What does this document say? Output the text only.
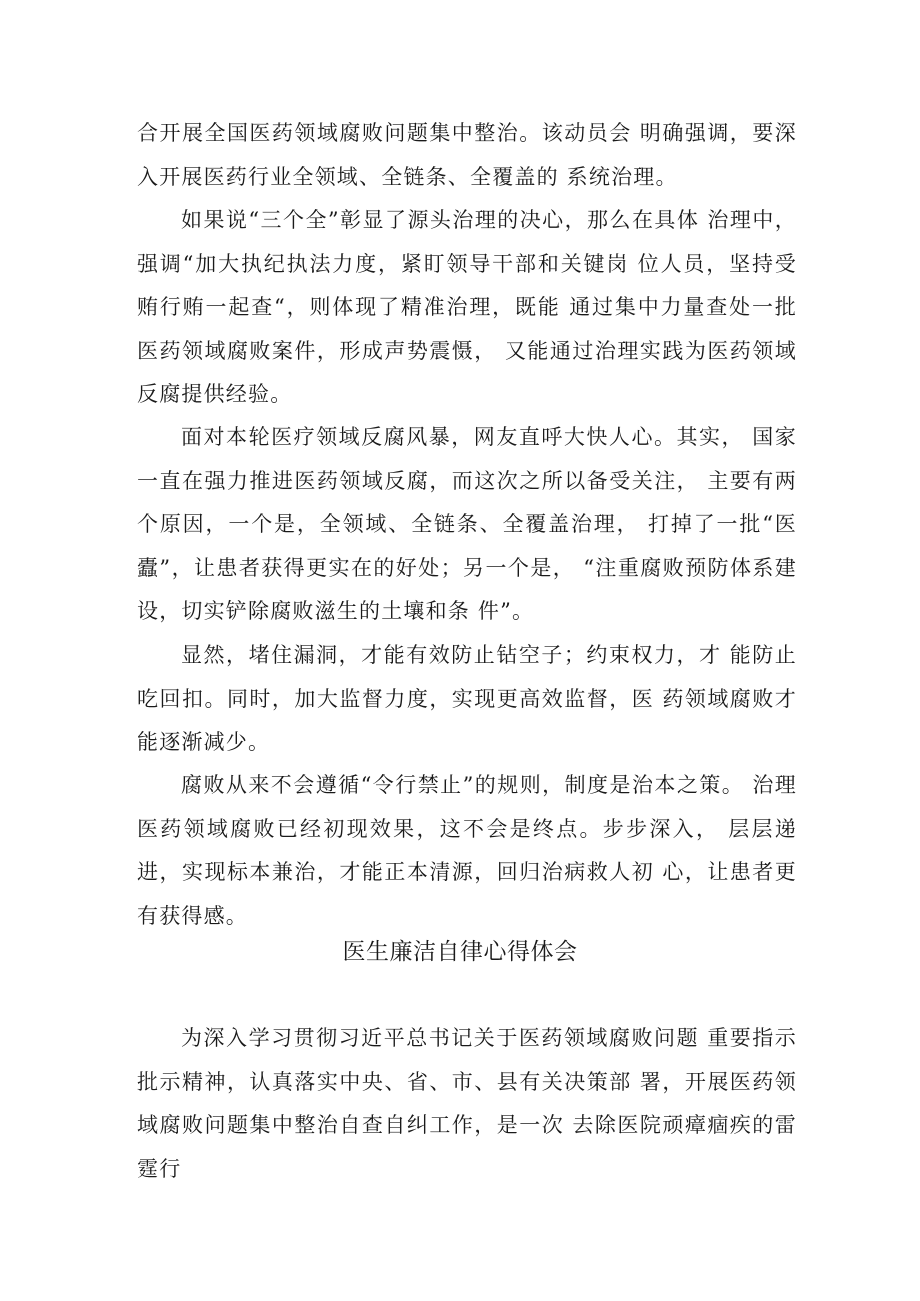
合开展全国医药领域腐败问题集中整治。该动员会 明确强调，要深入开展医药行业全领域、全链条、全覆盖的 系统治理。

如果说“三个全”彰显了源头治理的决心，那么在具体 治理中，强调“加大执纪执法力度，紧盯领导干部和关键岗 位人员，坚持受贿行贿一起查“，则体现了精准治理，既能 通过集中力量查处一批医药领域腐败案件，形成声势震慑， 又能通过治理实践为医药领域反腐提供经验。

面对本轮医疗领域反腐风暴，网友直呼大快人心。其实， 国家一直在强力推进医药领域反腐，而这次之所以备受关注， 主要有两个原因，一个是，全领域、全链条、全覆盖治理， 打掉了一批“医蠹”，让患者获得更实在的好处；另一个是， “注重腐败预防体系建设，切实铲除腐败滋生的土壤和条 件”。

显然，堵住漏洞，才能有效防止钻空子；约束权力，才 能防止吃回扣。同时，加大监督力度，实现更高效监督，医 药领域腐败才能逐渐减少。

腐败从来不会遵循“令行禁止”的规则，制度是治本之策。 治理医药领域腐败已经初现效果，这不会是终点。步步深入， 层层递进，实现标本兼治，才能正本清源，回归治病救人初 心，让患者更有获得感。

医生廉洁自律心得体会

为深入学习贯彻习近平总书记关于医药领域腐败问题 重要指示批示精神，认真落实中央、省、市、县有关决策部 署，开展医药领域腐败问题集中整治自查自纠工作，是一次 去除医院顽瘴痼疾的雷霆行
